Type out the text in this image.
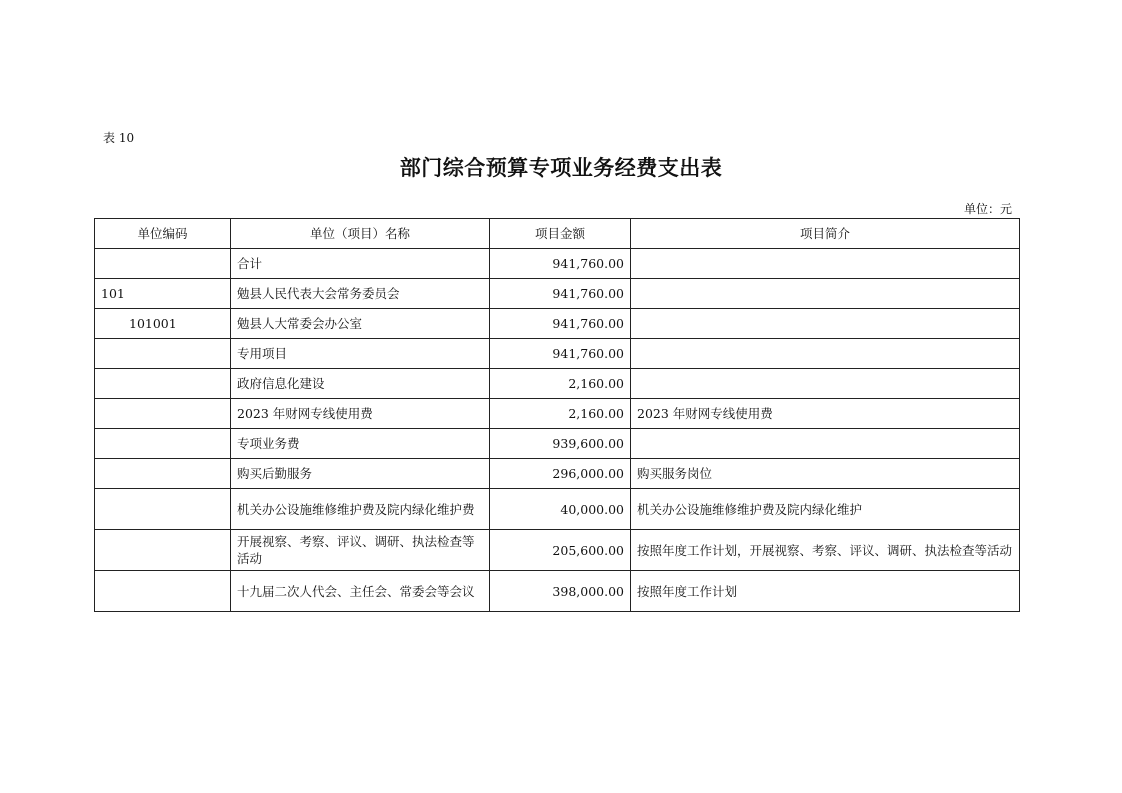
表 10
部门综合预算专项业务经费支出表
单位：元
单位编码	单位（项目）名称	项目金额	项目简介
	合计	941,760.00	
101	勉县人民代表大会常务委员会	941,760.00	
101001	勉县人大常委会办公室	941,760.00	
	专用项目	941,760.00	
	政府信息化建设	2,160.00	
	2023 年财网专线使用费	2,160.00	2023 年财网专线使用费
	专项业务费	939,600.00	
	购买后勤服务	296,000.00	购买服务岗位
	机关办公设施维修维护费及院内绿化维护费	40,000.00	机关办公设施维修维护费及院内绿化维护
	开展视察、考察、评议、调研、执法检查等活动	205,600.00	按照年度工作计划，开展视察、考察、评议、调研、执法检查等活动
	十九届二次人代会、主任会、常委会等会议	398,000.00	按照年度工作计划
